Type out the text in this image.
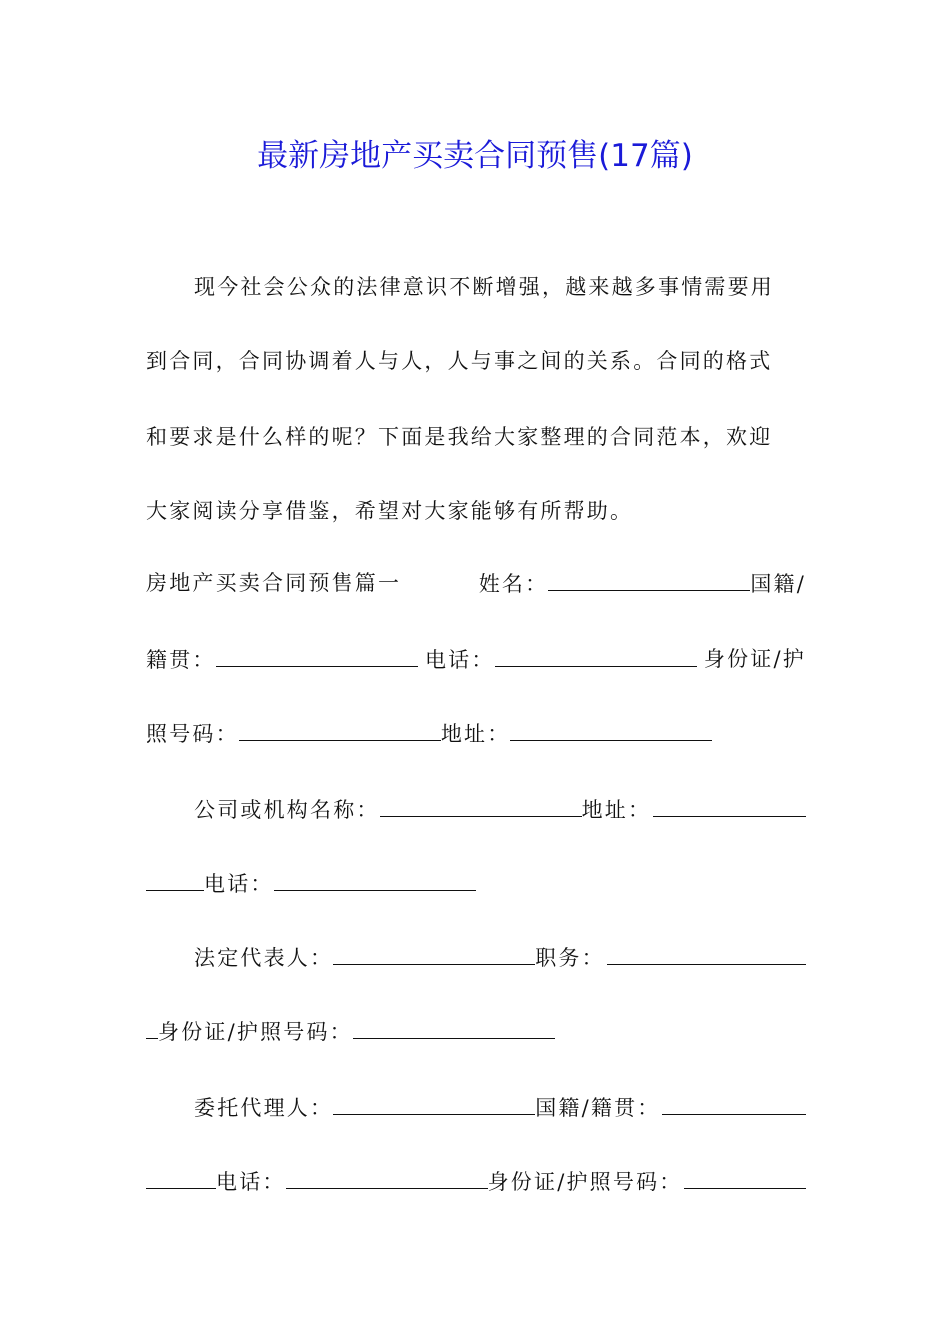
最新房地产买卖合同预售(17篇)
现今社会公众的法律意识不断增强，越来越多事情需要用
到合同，合同协调着人与人，人与事之间的关系。合同的格式
和要求是什么样的呢？下面是我给大家整理的合同范本，欢迎
大家阅读分享借鉴，希望对大家能够有所帮助。
房地产买卖合同预售篇一	姓名：	国籍/
籍贯：	电话：	身份证/护
照号码：	地址：
公司或机构名称：	地址：
电话：
法定代表人：	职务：
身份证/护照号码：
委托代理人：	国籍/籍贯：
电话：	身份证/护照号码：
